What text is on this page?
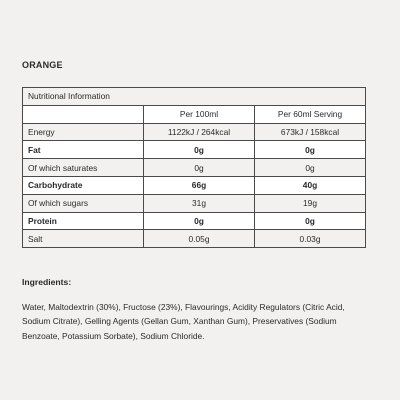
ORANGE
Nutritional Information		
	Per 100ml	Per 60ml Serving
Energy	1122kJ / 264kcal	673kJ / 158kcal
Fat	0g	0g
Of which saturates	0g	0g
Carbohydrate	66g	40g
Of which sugars	31g	19g
Protein	0g	0g
Salt	0.05g	0.03g
Ingredients:
Water, Maltodextrin (30%), Fructose (23%), Flavourings, Acidity Regulators (Citric Acid, Sodium Citrate), Gelling Agents (Gellan Gum, Xanthan Gum), Preservatives (Sodium Benzoate, Potassium Sorbate), Sodium Chloride.
